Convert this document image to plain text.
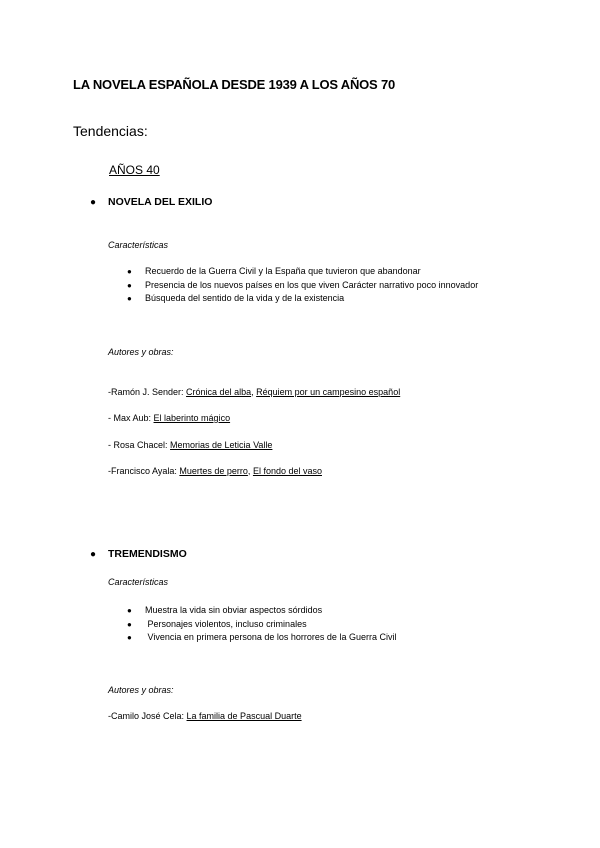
LA NOVELA ESPAÑOLA DESDE 1939 A LOS AÑOS 70
Tendencias:
AÑOS 40
● NOVELA DEL EXILIO
Características
● Recuerdo de la Guerra Civil y la España que tuvieron que abandonar
● Presencia de los nuevos países en los que viven Carácter narrativo poco innovador
● Búsqueda del sentido de la vida y de la existencia
Autores y obras:
-Ramón J. Sender: Crónica del alba, Réquiem por un campesino español
- Max Aub: El laberinto mágico
- Rosa Chacel: Memorias de Leticia Valle
-Francisco Ayala: Muertes de perro, El fondo del vaso
● TREMENDISMO
Características
● Muestra la vida sin obviar aspectos sórdidos
● Personajes violentos, incluso criminales
● Vivencia en primera persona de los horrores de la Guerra Civil
Autores y obras:
-Camilo José Cela: La familia de Pascual Duarte
